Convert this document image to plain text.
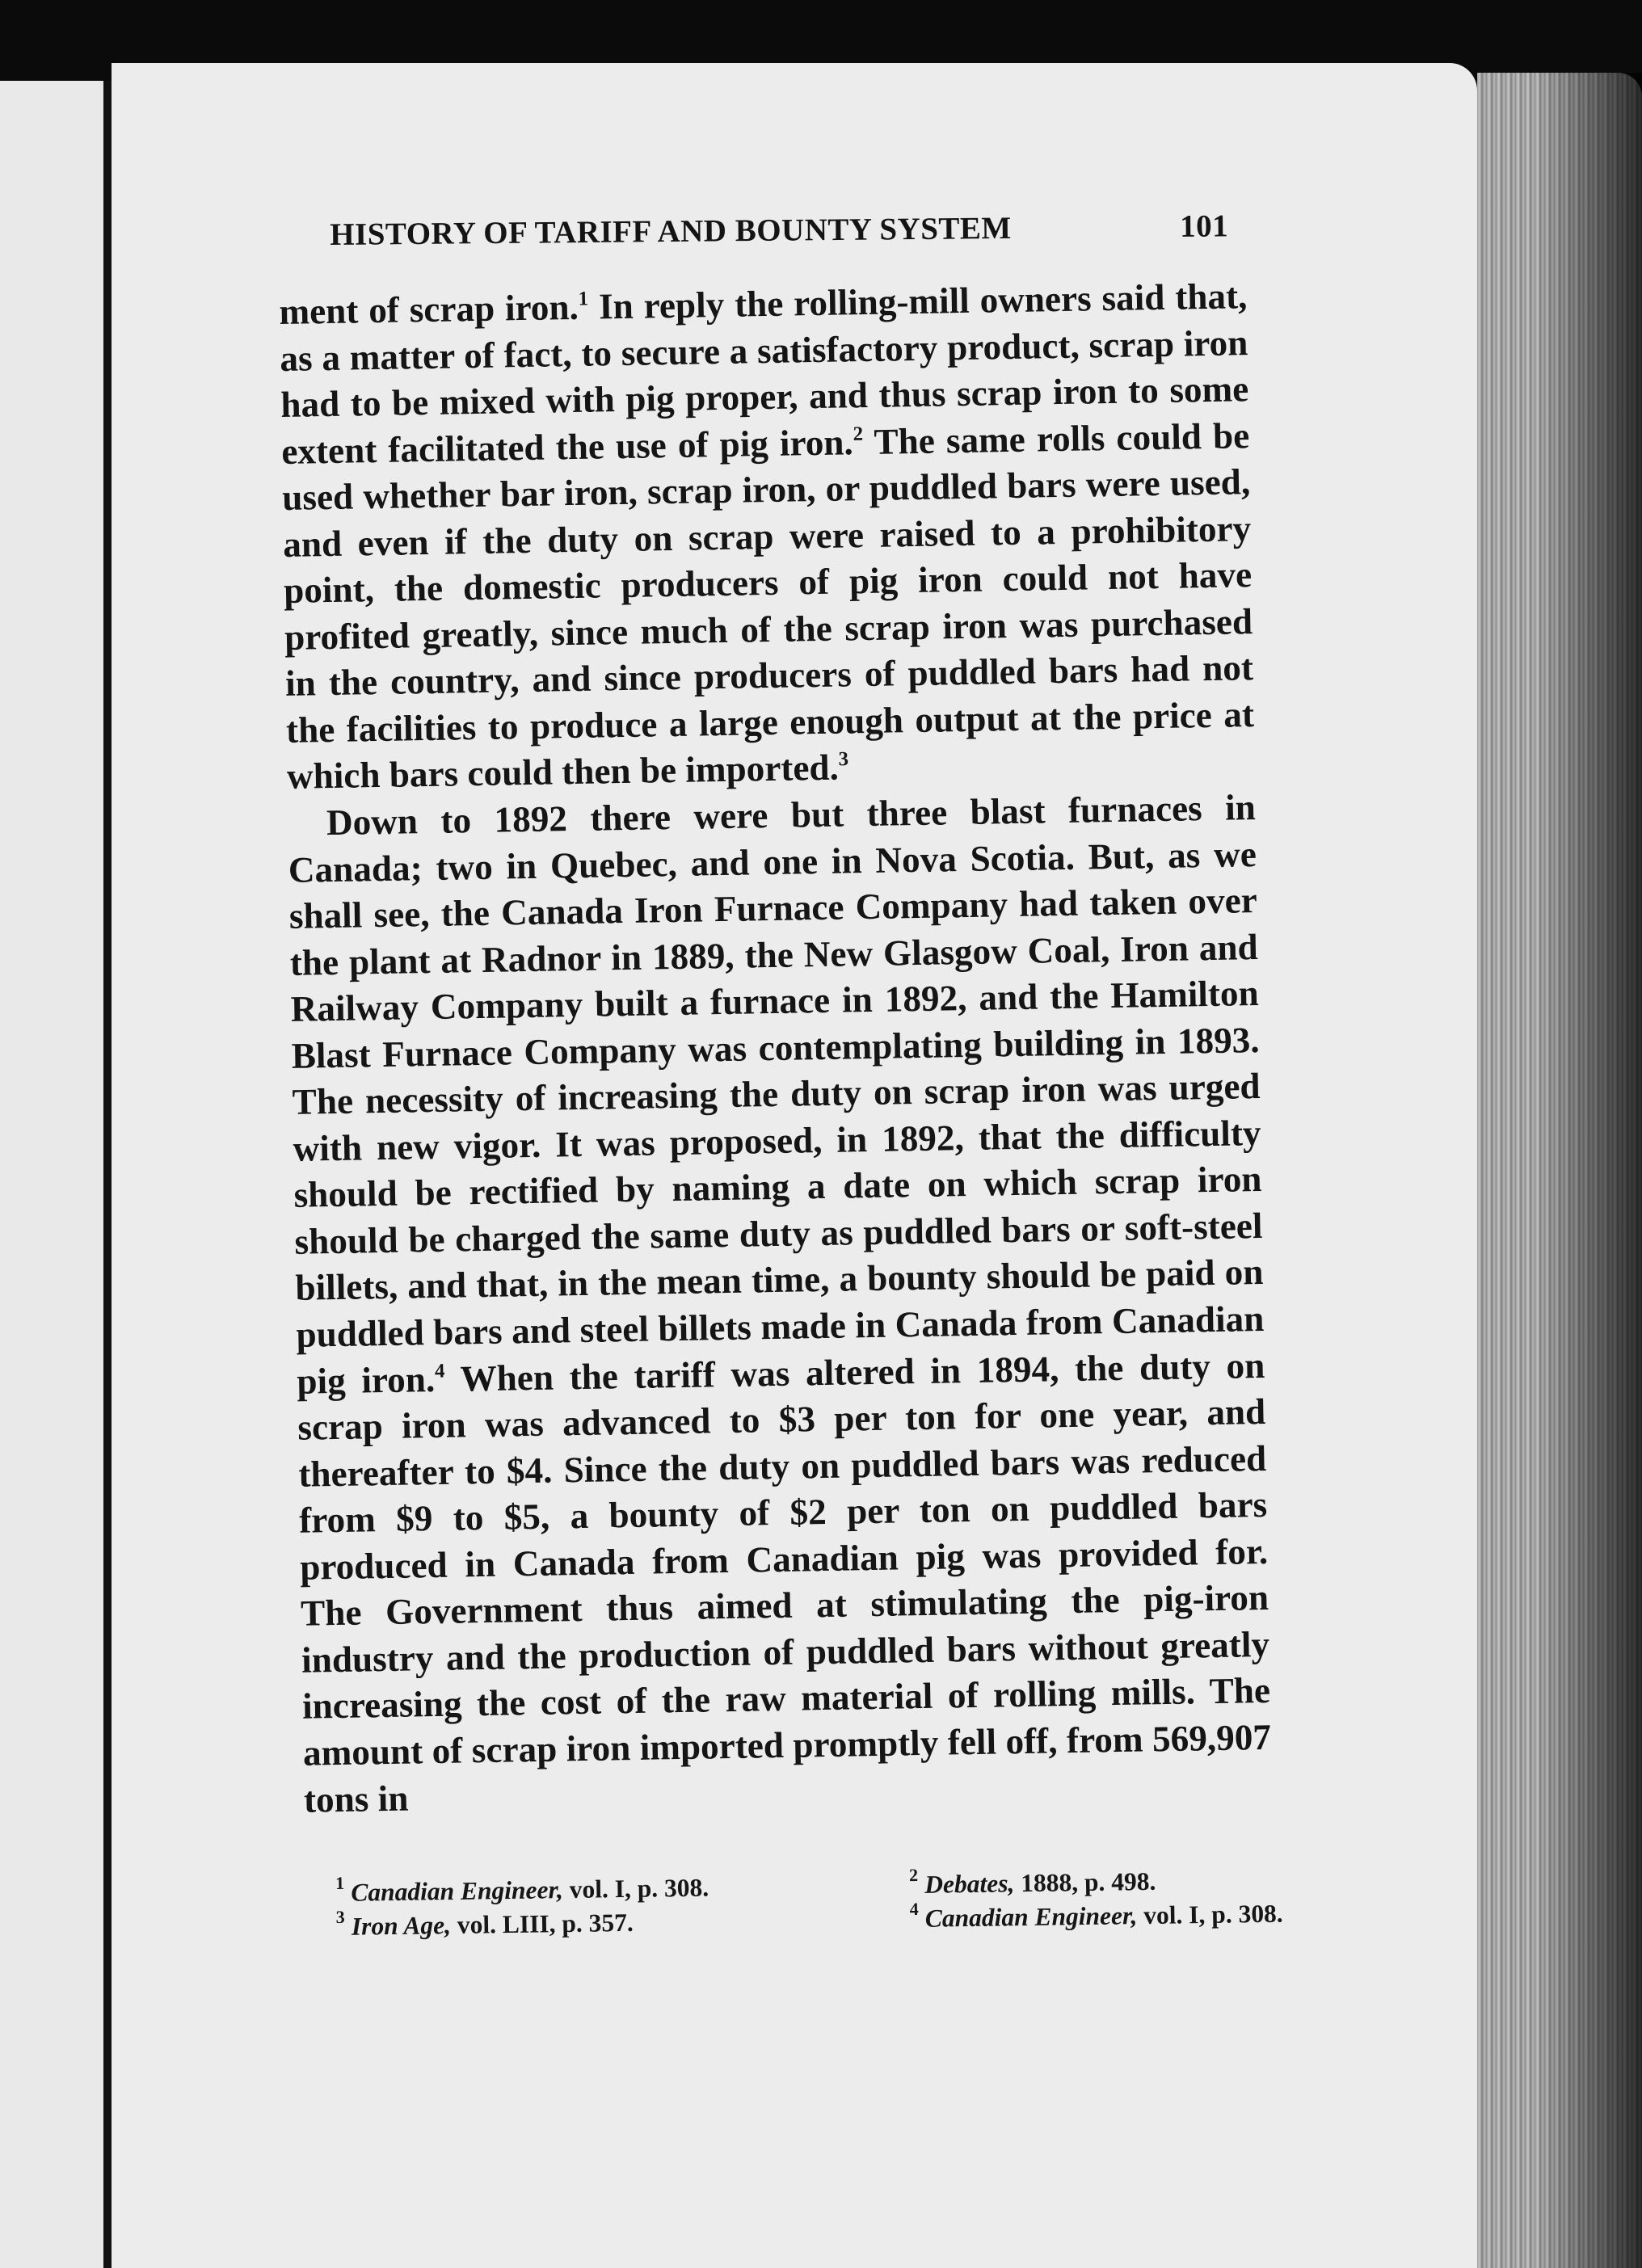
HISTORY OF TARIFF AND BOUNTY SYSTEM	101

ment of scrap iron.$^1$ In reply the rolling-mill owners said that, as a matter of fact, to secure a satisfactory product, scrap iron had to be mixed with pig proper, and thus scrap iron to some extent facilitated the use of pig iron.$^2$ The same rolls could be used whether bar iron, scrap iron, or puddled bars were used, and even if the duty on scrap were raised to a prohibitory point, the domestic producers of pig iron could not have profited greatly, since much of the scrap iron was purchased in the country, and since producers of puddled bars had not the facilities to produce a large enough output at the price at which bars could then be imported.$^3$

Down to 1892 there were but three blast furnaces in Canada; two in Quebec, and one in Nova Scotia. But, as we shall see, the Canada Iron Furnace Company had taken over the plant at Radnor in 1889, the New Glasgow Coal, Iron and Railway Company built a furnace in 1892, and the Hamilton Blast Furnace Company was contemplating building in 1893. The necessity of increasing the duty on scrap iron was urged with new vigor. It was proposed, in 1892, that the difficulty should be rectified by naming a date on which scrap iron should be charged the same duty as puddled bars or soft-steel billets, and that, in the mean time, a bounty should be paid on puddled bars and steel billets made in Canada from Canadian pig iron.$^4$ When the tariff was altered in 1894, the duty on scrap iron was advanced to $3 per ton for one year, and thereafter to $4. Since the duty on puddled bars was reduced from $9 to $5, a bounty of $2 per ton on puddled bars produced in Canada from Canadian pig was provided for. The Government thus aimed at stimulating the pig-iron industry and the production of puddled bars without greatly increasing the cost of the raw material of rolling mills. The amount of scrap iron imported promptly fell off, from 569,907 tons in

$^1$ Canadian Engineer, vol. I, p. 308.	$^2$ Debates, 1888, p. 498.
$^3$ Iron Age, vol. LIII, p. 357.	$^4$ Canadian Engineer, vol. I, p. 308.
